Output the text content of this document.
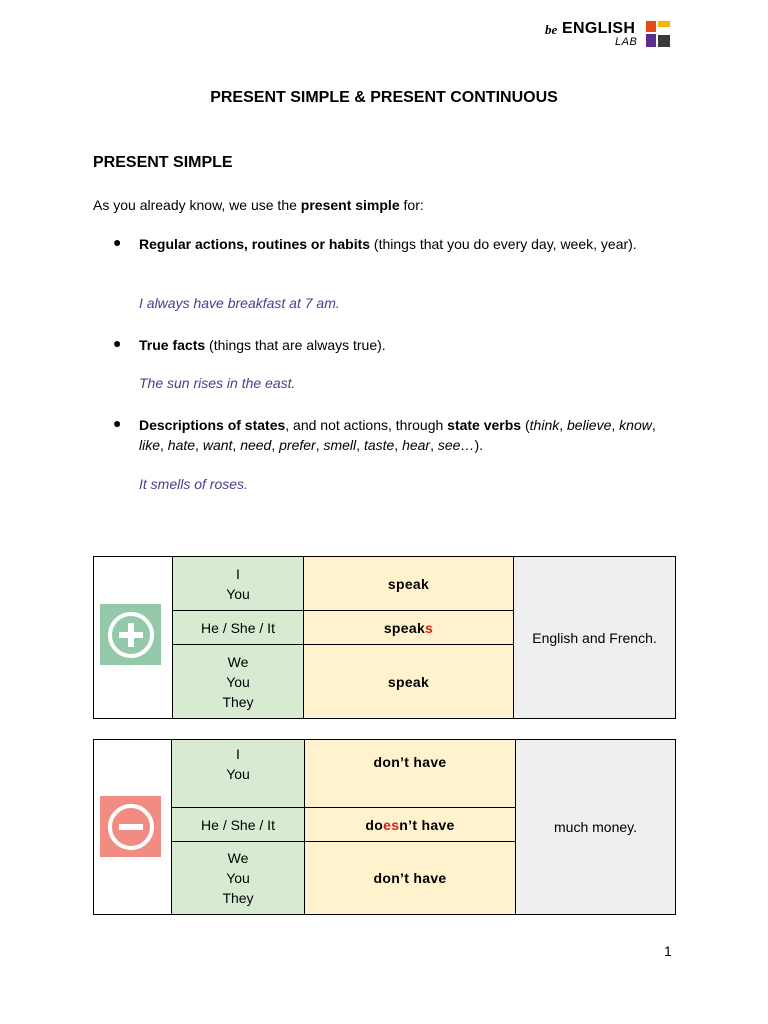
be ENGLISH
LAB
PRESENT SIMPLE & PRESENT CONTINUOUS
PRESENT SIMPLE
As you already know, we use the present simple for:
● Regular actions, routines or habits (things that you do every day, week, year).
I always have breakfast at 7 am.
● True facts (things that are always true).
The sun rises in the east.
● Descriptions of states, and not actions, through state verbs (think, believe, know, like, hate, want, need, prefer, smell, taste, hear, see…).
It smells of roses.
I
You
speak
He / She / It	speaks
We
You
They
speak
English and French.
I
You
don’t have
He / She / It	doesn’t have
We
You
They
don’t have
much money.
1
